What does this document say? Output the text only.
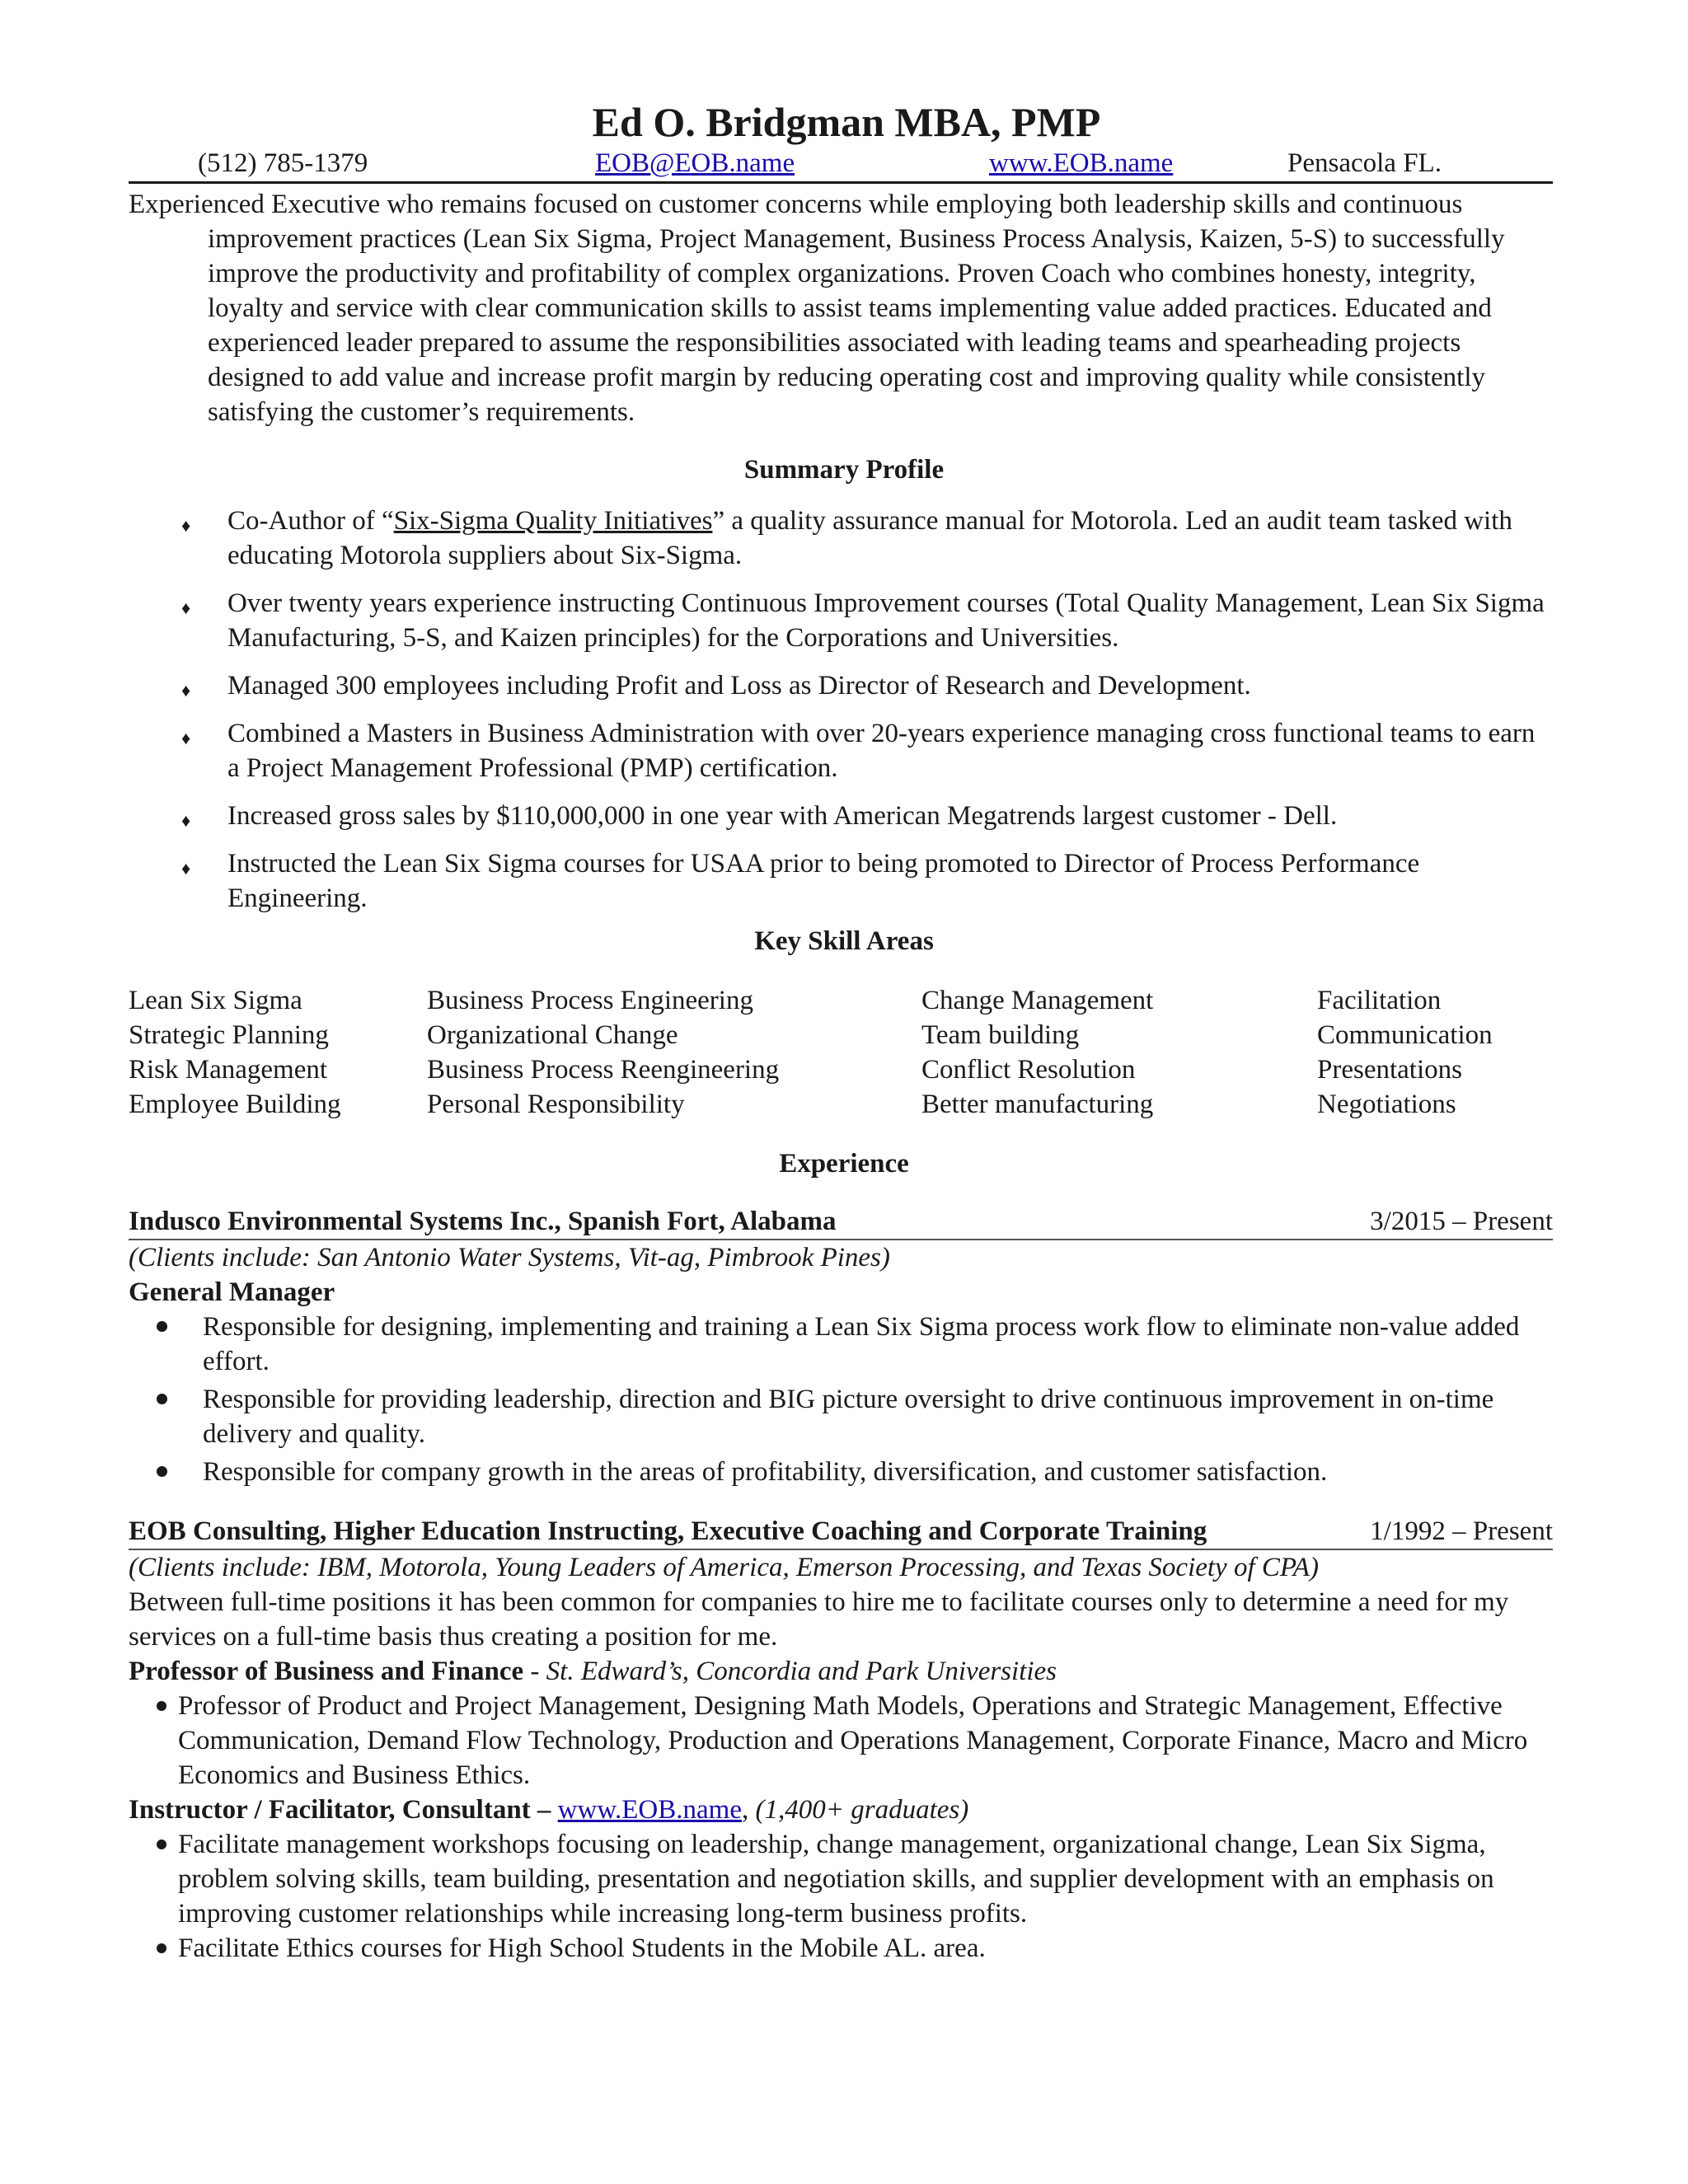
Ed O. Bridgman MBA, PMP
(512) 785-1379	EOB@EOB.name	www.EOB.name	Pensacola FL.
Experienced Executive who remains focused on customer concerns while employing both leadership skills and continuous improvement practices (Lean Six Sigma, Project Management, Business Process Analysis, Kaizen, 5-S) to successfully improve the productivity and profitability of complex organizations. Proven Coach who combines honesty, integrity, loyalty and service with clear communication skills to assist teams implementing value added practices. Educated and experienced leader prepared to assume the responsibilities associated with leading teams and spearheading projects designed to add value and increase profit margin by reducing operating cost and improving quality while consistently satisfying the customer’s requirements.
Summary Profile
♦ Co-Author of “Six-Sigma Quality Initiatives” a quality assurance manual for Motorola. Led an audit team tasked with educating Motorola suppliers about Six-Sigma.
♦ Over twenty years experience instructing Continuous Improvement courses (Total Quality Management, Lean Six Sigma Manufacturing, 5-S, and Kaizen principles) for the Corporations and Universities.
♦ Managed 300 employees including Profit and Loss as Director of Research and Development.
♦ Combined a Masters in Business Administration with over 20-years experience managing cross functional teams to earn a Project Management Professional (PMP) certification.
♦ Increased gross sales by $110,000,000 in one year with American Megatrends largest customer - Dell.
♦ Instructed the Lean Six Sigma courses for USAA prior to being promoted to Director of Process Performance Engineering.
Key Skill Areas
Lean Six Sigma	Business Process Engineering	Change Management	Facilitation
Strategic Planning	Organizational Change	Team building	Communication
Risk Management	Business Process Reengineering	Conflict Resolution	Presentations
Employee Building	Personal Responsibility	Better manufacturing	Negotiations
Experience
Indusco Environmental Systems Inc., Spanish Fort, Alabama	3/2015 – Present
(Clients include: San Antonio Water Systems, Vit-ag, Pimbrook Pines)
General Manager
Responsible for designing, implementing and training a Lean Six Sigma process work flow to eliminate non-value added effort.
Responsible for providing leadership, direction and BIG picture oversight to drive continuous improvement in on-time delivery and quality.
Responsible for company growth in the areas of profitability, diversification, and customer satisfaction.
EOB Consulting, Higher Education Instructing, Executive Coaching and Corporate Training	1/1992 – Present
(Clients include: IBM, Motorola, Young Leaders of America, Emerson Processing, and Texas Society of CPA)
Between full-time positions it has been common for companies to hire me to facilitate courses only to determine a need for my services on a full-time basis thus creating a position for me.
Professor of Business and Finance - St. Edward’s, Concordia and Park Universities
Professor of Product and Project Management, Designing Math Models, Operations and Strategic Management, Effective Communication, Demand Flow Technology, Production and Operations Management, Corporate Finance, Macro and Micro Economics and Business Ethics.
Instructor / Facilitator, Consultant – www.EOB.name, (1,400+ graduates)
Facilitate management workshops focusing on leadership, change management, organizational change, Lean Six Sigma, problem solving skills, team building, presentation and negotiation skills, and supplier development with an emphasis on improving customer relationships while increasing long-term business profits.
Facilitate Ethics courses for High School Students in the Mobile AL. area.
